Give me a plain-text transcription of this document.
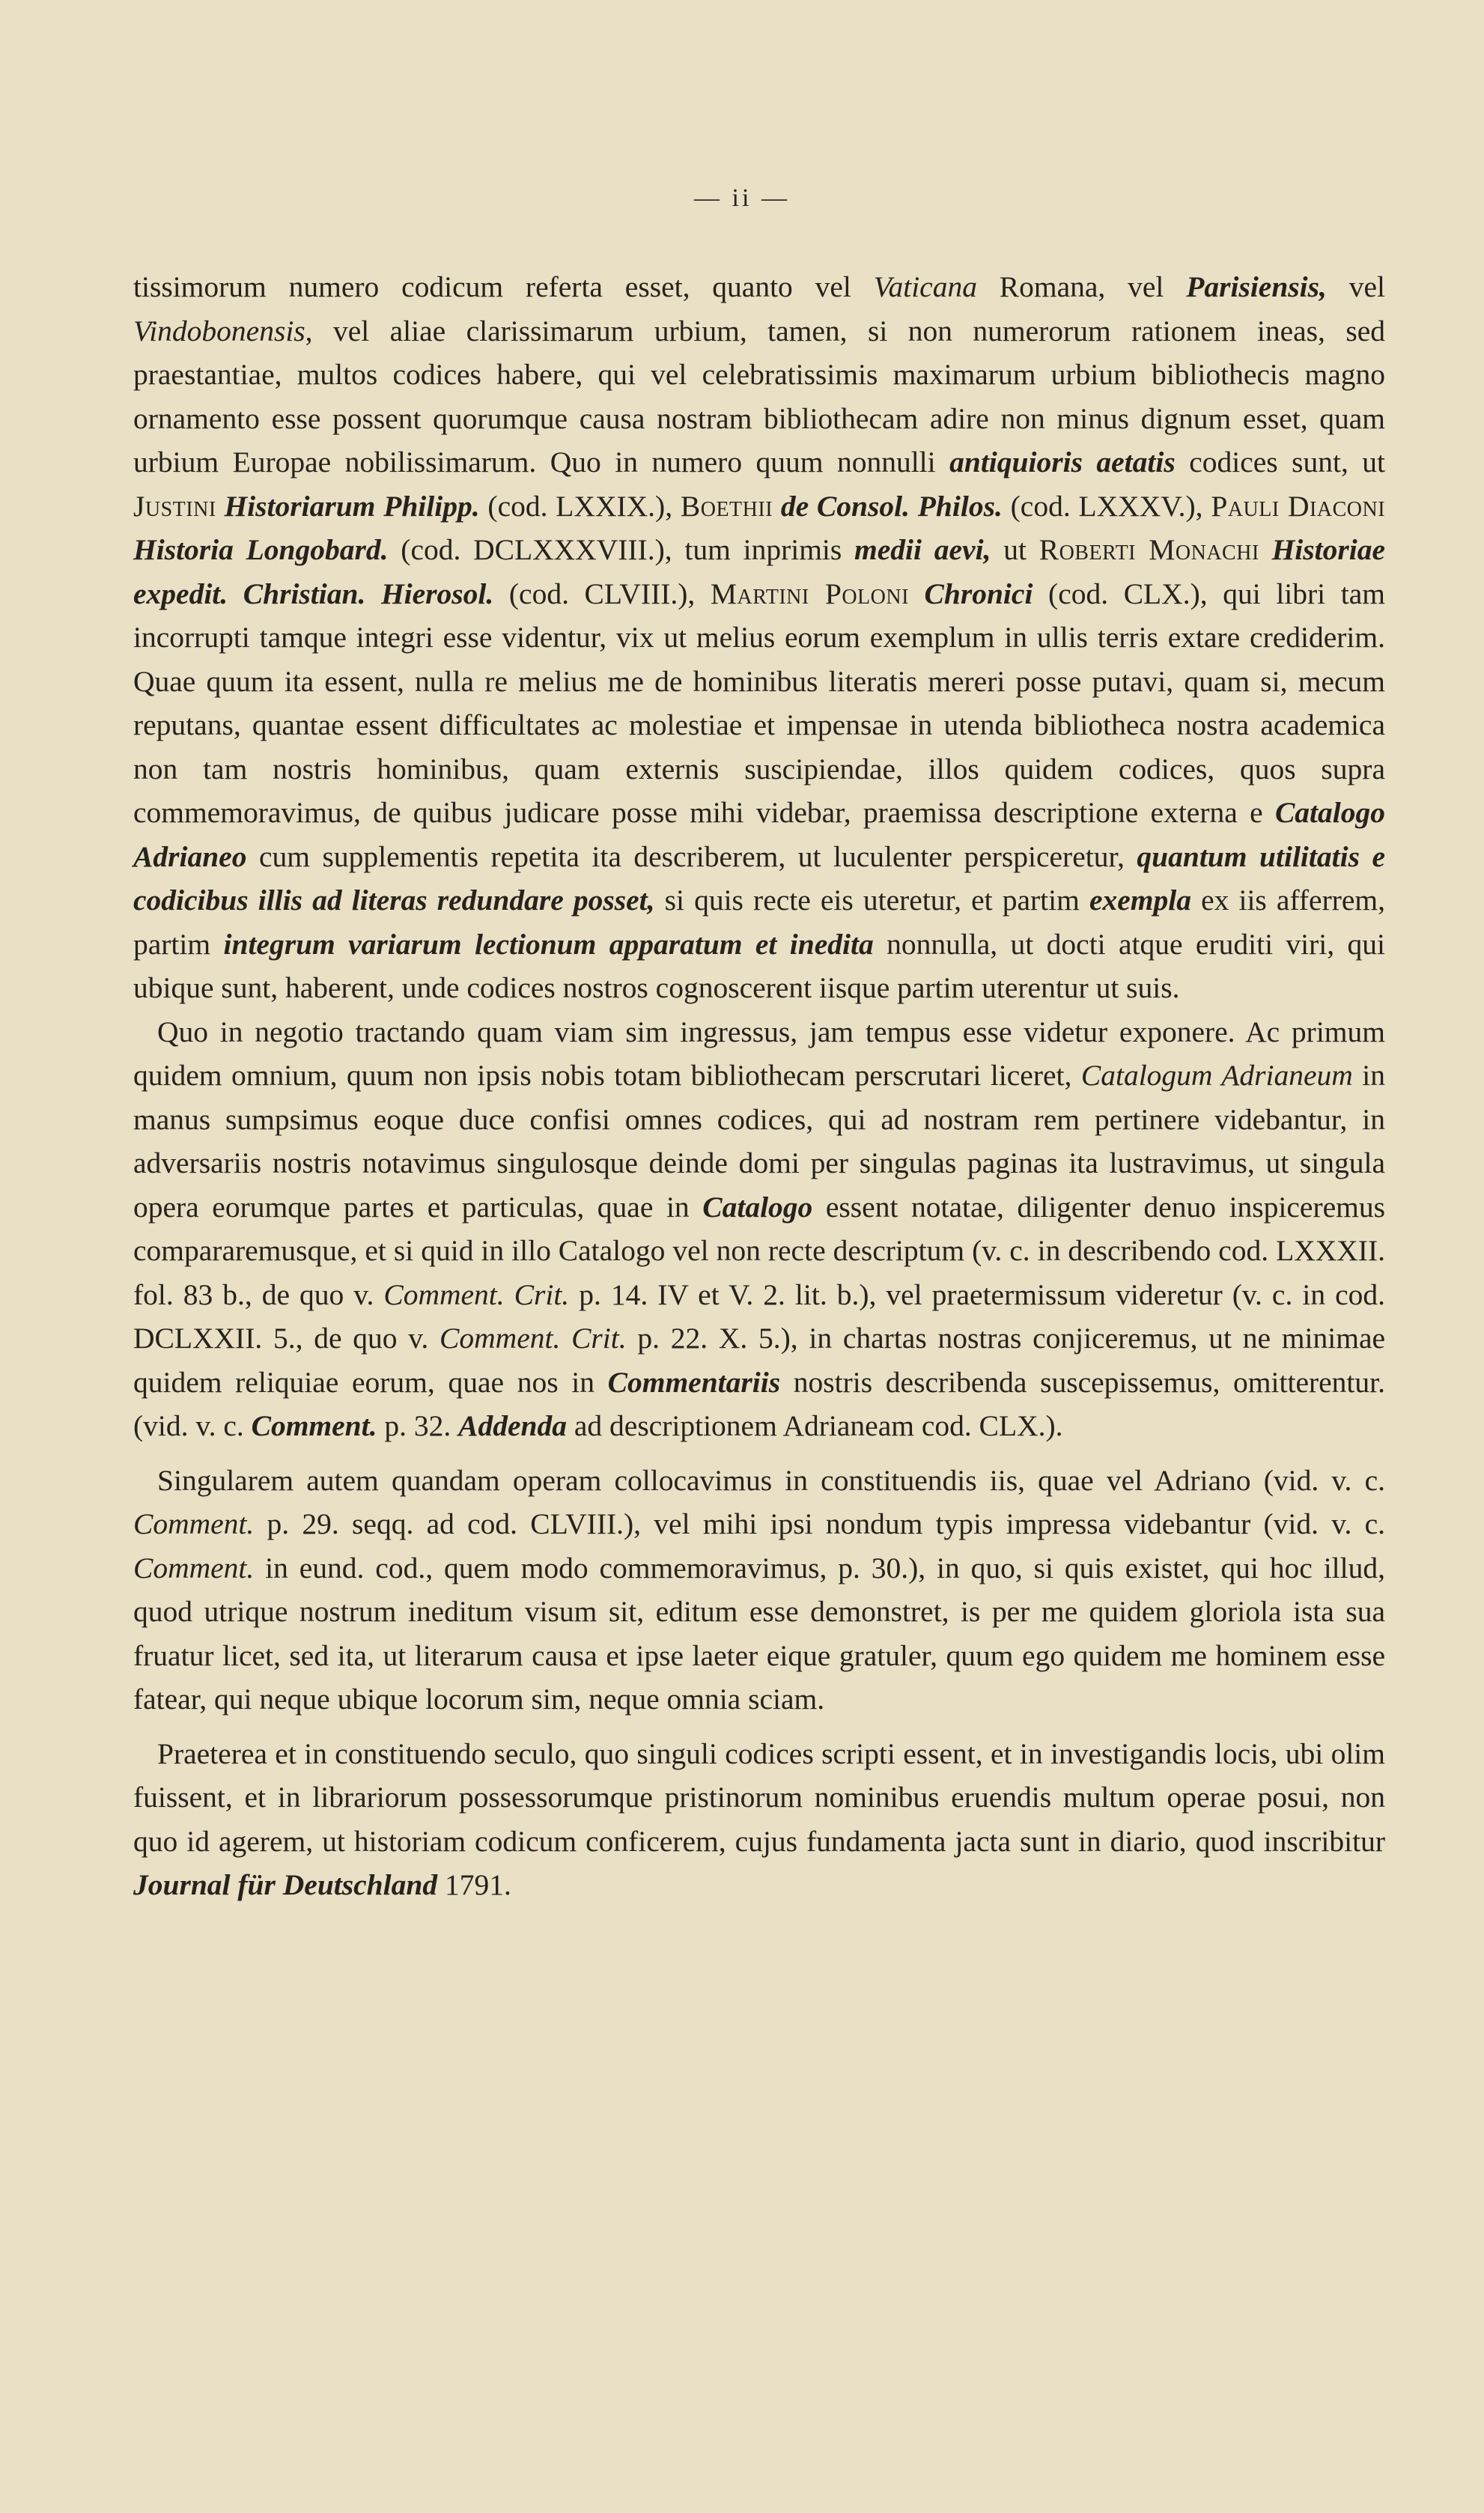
— ii —

tissimorum numero codicum referta esset, quanto vel Vaticana Romana, vel Parisiensis, vel Vindobonensis, vel aliae clarissimarum urbium, tamen, si non numerorum rationem ineas, sed praestantiae, multos codices habere, qui vel celebratissimis maximarum urbium bibliothecis magno ornamento esse possent quorumque causa nostram bibliothecam adire non minus dignum esset, quam urbium Europae nobilissimarum. Quo in numero quum nonnulli antiquioris aetatis codices sunt, ut Justini Historiarum Philipp. (cod. LXXIX.), Boethii de Consol. Philos. (cod. LXXXV.), Pauli Diaconi Historia Longobard. (cod. DCLXXXVIII.), tum inprimis medii aevi, ut Roberti Monachi Historiae expedit. Christian. Hierosol. (cod. CLVIII.), Martini Poloni Chronici (cod. CLX.), qui libri tam incorrupti tamque integri esse videntur, vix ut melius eorum exemplum in ullis terris extare crediderim. Quae quum ita essent, nulla re melius me de hominibus literatis mereri posse putavi, quam si, mecum reputans, quantae essent difficultates ac molestiae et impensae in utenda bibliotheca nostra academica non tam nostris hominibus, quam externis suscipiendae, illos quidem codices, quos supra commemoravimus, de quibus judicare posse mihi videbar, praemissa descriptione externa e Catalogo Adrianeo cum supplementis repetita ita describerem, ut luculenter perspiceretur, quantum utilitatis e codicibus illis ad literas redundare posset, si quis recte eis uteretur, et partim exempla ex iis afferrem, partim integrum variarum lectionum apparatum et inedita nonnulla, ut docti atque eruditi viri, qui ubique sunt, haberent, unde codices nostros cognoscerent iisque partim uterentur ut suis.

Quo in negotio tractando quam viam sim ingressus, jam tempus esse videtur exponere. Ac primum quidem omnium, quum non ipsis nobis totam bibliothecam perscrutari liceret, Catalogum Adrianeum in manus sumpsimus eoque duce confisi omnes codices, qui ad nostram rem pertinere videbantur, in adversariis nostris notavimus singulosque deinde domi per singulas paginas ita lustravimus, ut singula opera eorumque partes et particulas, quae in Catalogo essent notatae, diligenter denuo inspiceremus compararemusque, et si quid in illo Catalogo vel non recte descriptum (v. c. in describendo cod. LXXXII. fol. 83 b., de quo v. Comment. Crit. p. 14. IV et V. 2. lit. b.), vel praetermissum videretur (v. c. in cod. DCLXXII. 5., de quo v. Comment. Crit. p. 22. X. 5.), in chartas nostras conjiceremus, ut ne minimae quidem reliquiae eorum, quae nos in Commentariis nostris describenda suscepissemus, omitterentur. (vid. v. c. Comment. p. 32. Addenda ad descriptionem Adrianeam cod. CLX.).

Singularem autem quandam operam collocavimus in constituendis iis, quae vel Adriano (vid. v. c. Comment. p. 29. seqq. ad cod. CLVIII.), vel mihi ipsi nondum typis impressa videbantur (vid. v. c. Comment. in eund. cod., quem modo commemoravimus, p. 30.), in quo, si quis existet, qui hoc illud, quod utrique nostrum ineditum visum sit, editum esse demonstret, is per me quidem gloriola ista sua fruatur licet, sed ita, ut literarum causa et ipse laeter eique gratuler, quum ego quidem me hominem esse fatear, qui neque ubique locorum sim, neque omnia sciam.

Praeterea et in constituendo seculo, quo singuli codices scripti essent, et in investigandis locis, ubi olim fuissent, et in librariorum possessorumque pristinorum nominibus eruendis multum operae posui, non quo id agerem, ut historiam codicum conficerem, cujus fundamenta jacta sunt in diario, quod inscribitur Journal für Deutschland 1791.
